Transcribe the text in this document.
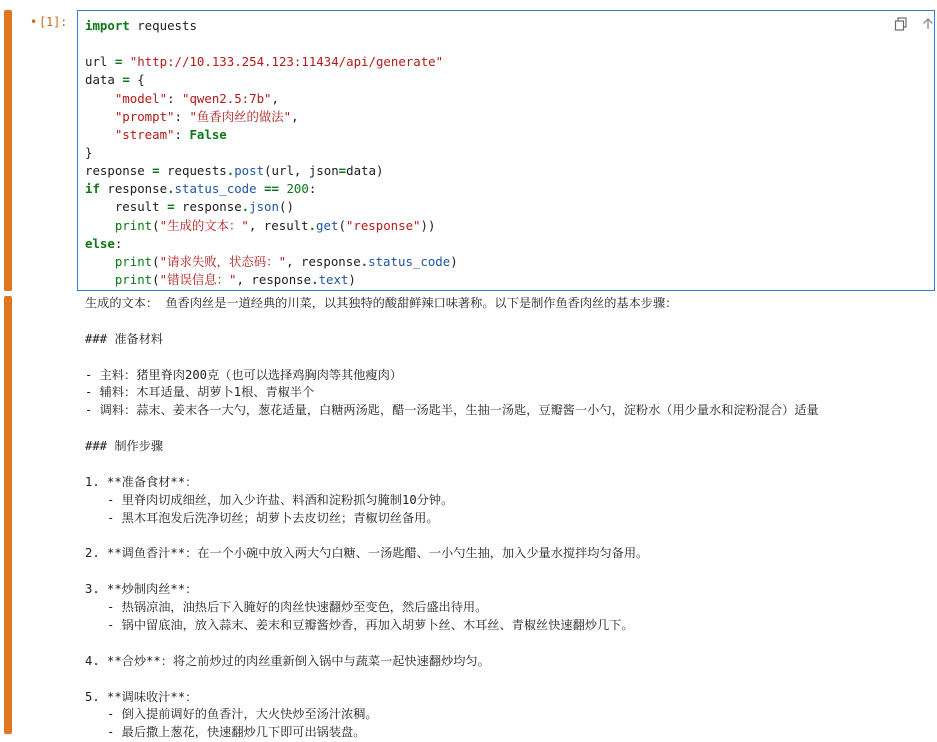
• [1]:	import requests
url = "http://10.133.254.123:11434/api/generate"
data = {
"model": "qwen2.5:7b",
"prompt": "鱼香肉丝的做法",
"stream": False
}
response = requests.post(url, json=data)
if response.status_code == 200:
result = response.json()
print("生成的文本：", result.get("response"))
else:
print("请求失败，状态码：", response.status_code)
print("错误信息：", response.text)
生成的文本： 鱼香肉丝是一道经典的川菜，以其独特的酸甜鲜辣口味著称。以下是制作鱼香肉丝的基本步骤：
### 准备材料
- 主料：猪里脊肉200克（也可以选择鸡胸肉等其他瘦肉）
- 辅料：木耳适量、胡萝卜1根、青椒半个
- 调料：蒜末、姜末各一大勺，葱花适量，白糖两汤匙，醋一汤匙半，生抽一汤匙，豆瓣酱一小勺，淀粉水（用少量水和淀粉混合）适量
### 制作步骤
1. **准备食材**：
- 里脊肉切成细丝，加入少许盐、料酒和淀粉抓匀腌制10分钟。
- 黑木耳泡发后洗净切丝；胡萝卜去皮切丝；青椒切丝备用。
2. **调鱼香汁**：在一个小碗中放入两大勺白糖、一汤匙醋、一小勺生抽，加入少量水搅拌均匀备用。
3. **炒制肉丝**：
- 热锅凉油，油热后下入腌好的肉丝快速翻炒至变色，然后盛出待用。
- 锅中留底油，放入蒜末、姜末和豆瓣酱炒香，再加入胡萝卜丝、木耳丝、青椒丝快速翻炒几下。
4. **合炒**：将之前炒过的肉丝重新倒入锅中与蔬菜一起快速翻炒均匀。
5. **调味收汁**：
- 倒入提前调好的鱼香汁，大火快炒至汤汁浓稠。
- 最后撒上葱花，快速翻炒几下即可出锅装盘。
